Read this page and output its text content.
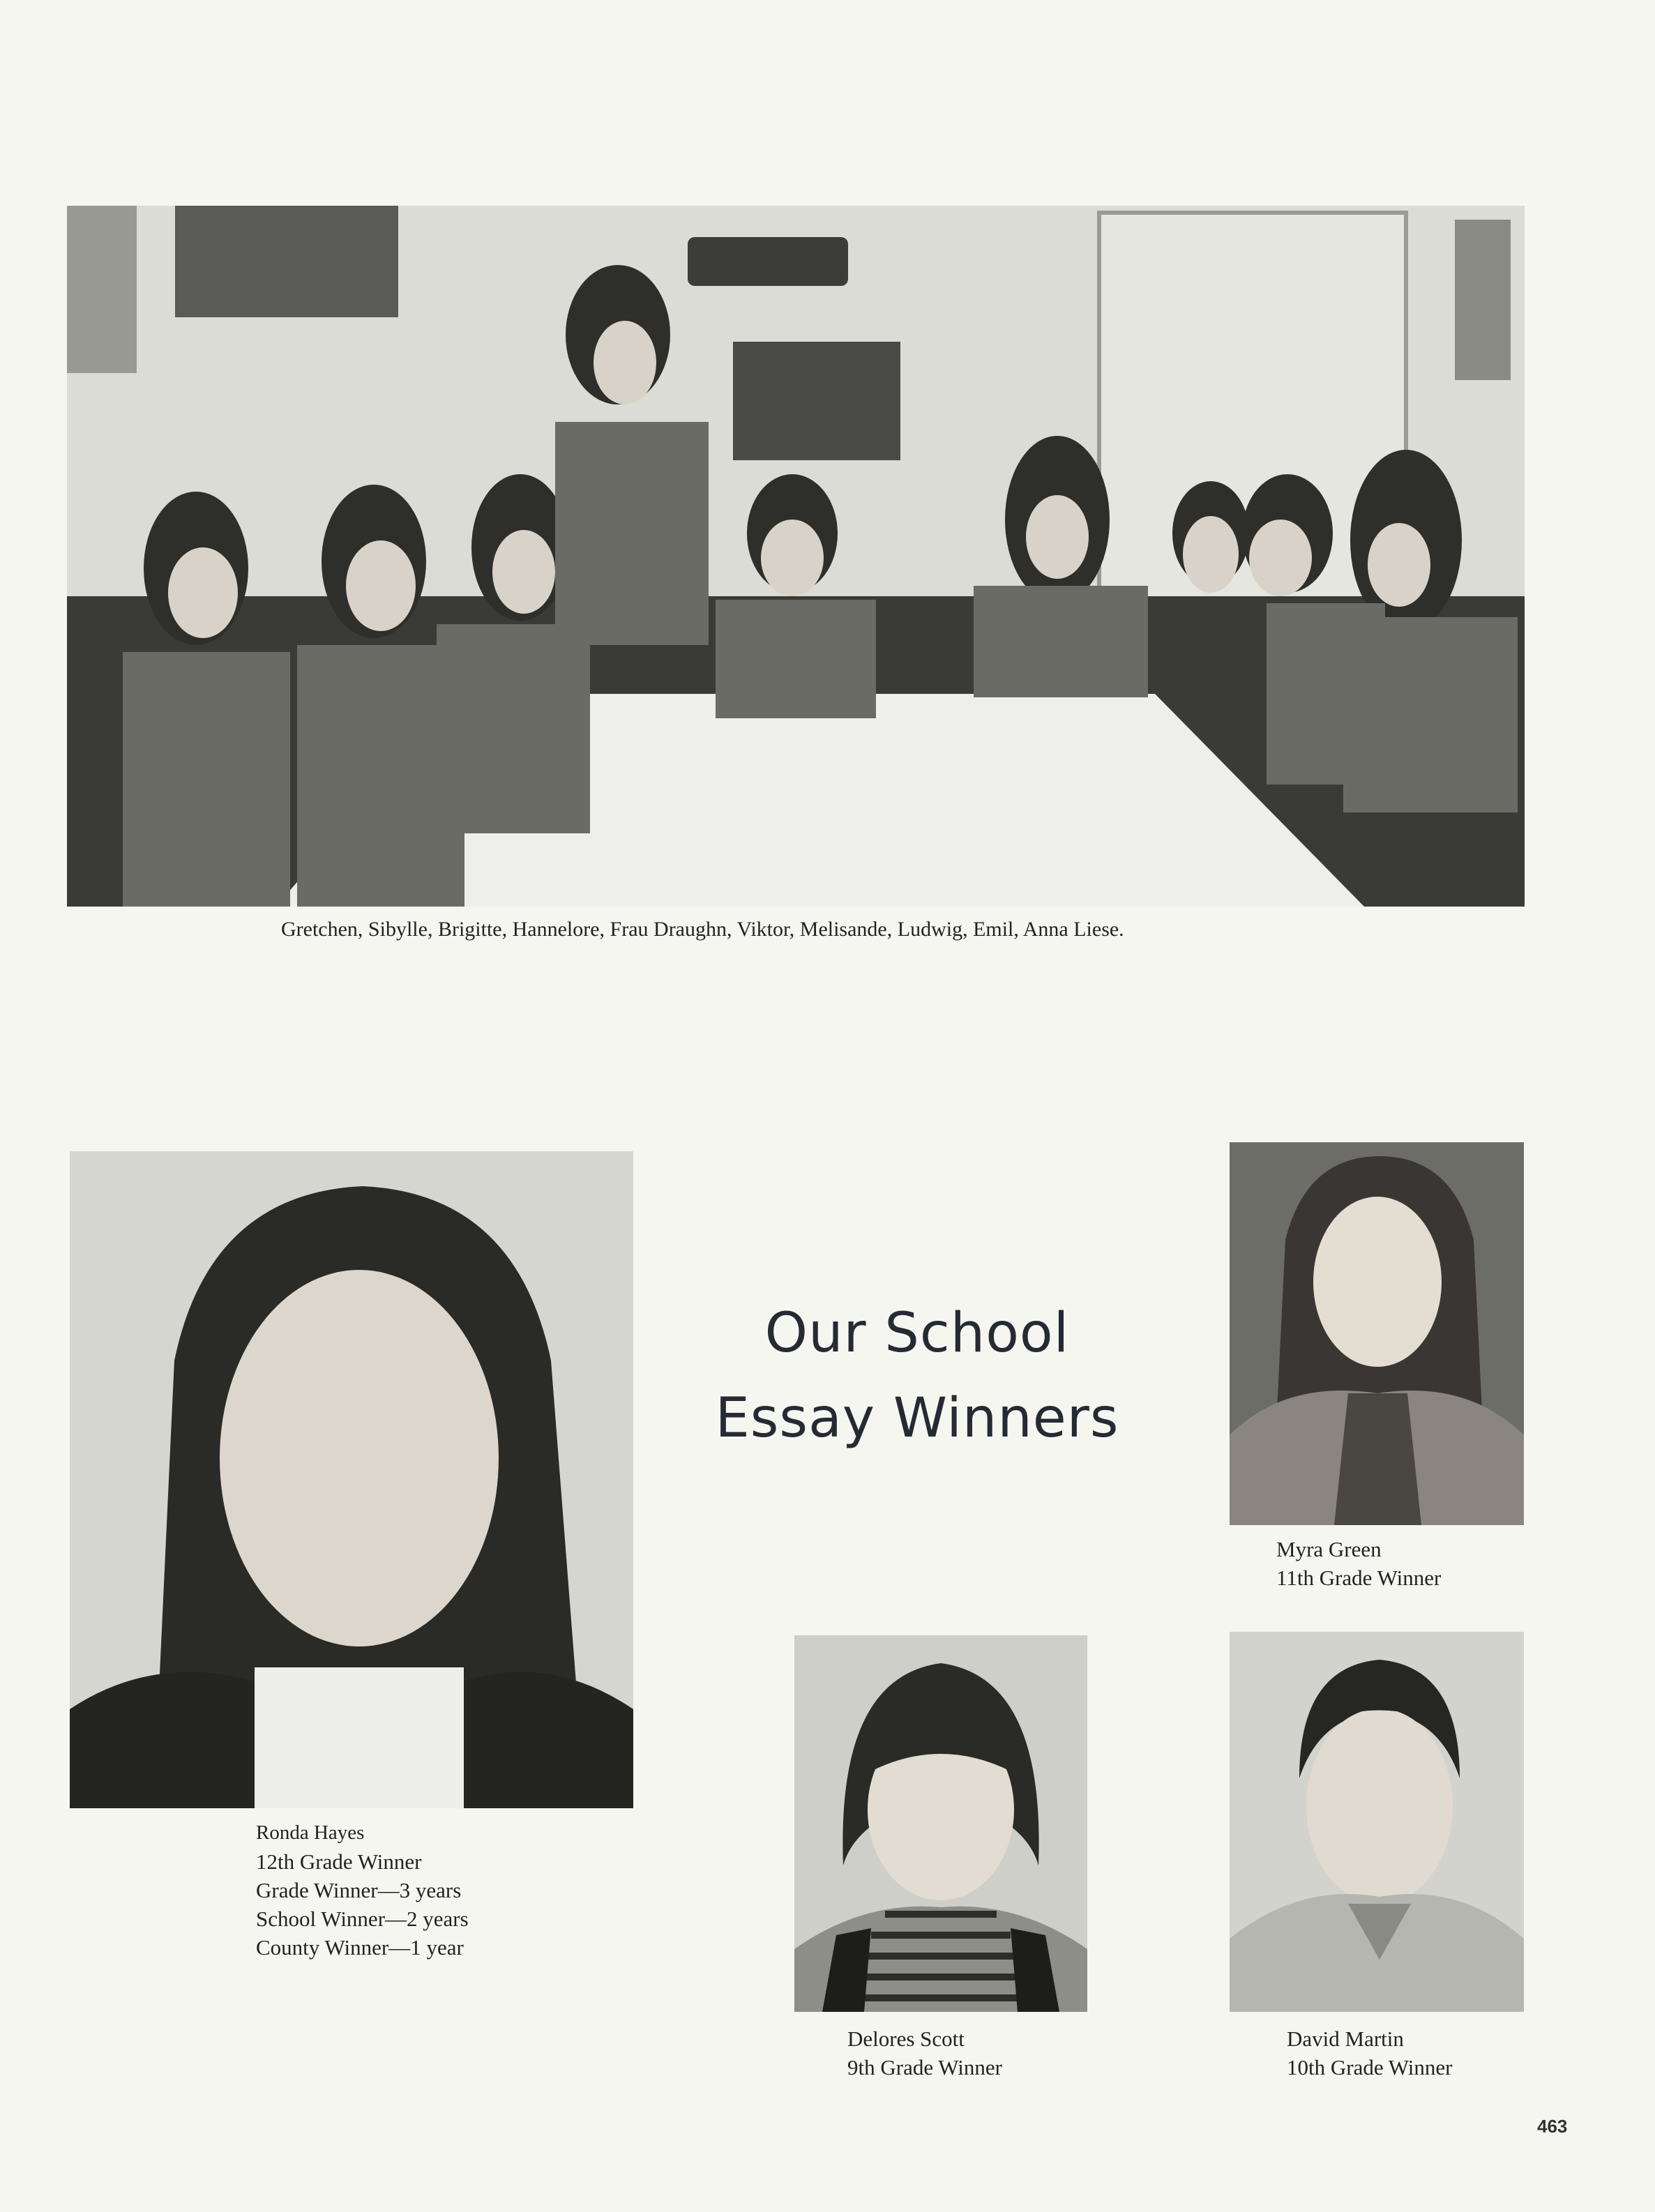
Gretchen, Sibylle, Brigitte, Hannelore, Frau Draughn, Viktor, Melisande, Ludwig, Emil, Anna Liese.
Our School
Essay Winners
Ronda Hayes
12th Grade Winner
Grade Winner—3 years
School Winner—2 years
County Winner—1 year
Myra Green
11th Grade Winner
Delores Scott
9th Grade Winner
David Martin
10th Grade Winner
463
